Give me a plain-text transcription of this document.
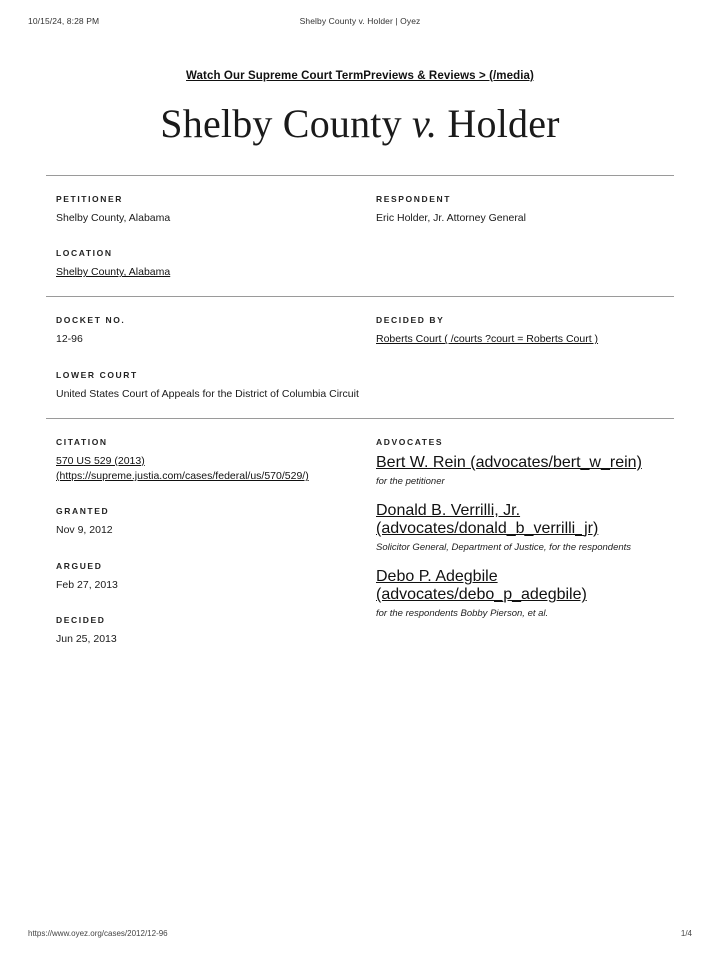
10/15/24, 8:28 PM	Shelby County v. Holder | Oyez
Watch Our Supreme Court TermPreviews & Reviews > (/media)
Shelby County v. Holder
PETITIONER
Shelby County, Alabama
LOCATION
Shelby County, Alabama
RESPONDENT
Eric Holder, Jr. Attorney General
DOCKET NO.
12-96
DECIDED BY
Roberts Court ( /courts ?court = Roberts Court )
LOWER COURT
United States Court of Appeals for the District of Columbia Circuit
CITATION
570 US 529 (2013)
(https://supreme.justia.com/cases/federal/us/570/529/)
GRANTED
Nov 9, 2012
ARGUED
Feb 27, 2013
DECIDED
Jun 25, 2013
ADVOCATES
Bert W. Rein (advocates/bert_w_rein)
for the petitioner
Donald B. Verrilli, Jr. (advocates/donald_b_verrilli_jr)
Solicitor General, Department of Justice, for the respondents
Debo P. Adegbile (advocates/debo_p_adegbile)
for the respondents Bobby Pierson, et al.
https://www.oyez.org/cases/2012/12-96	1/4
